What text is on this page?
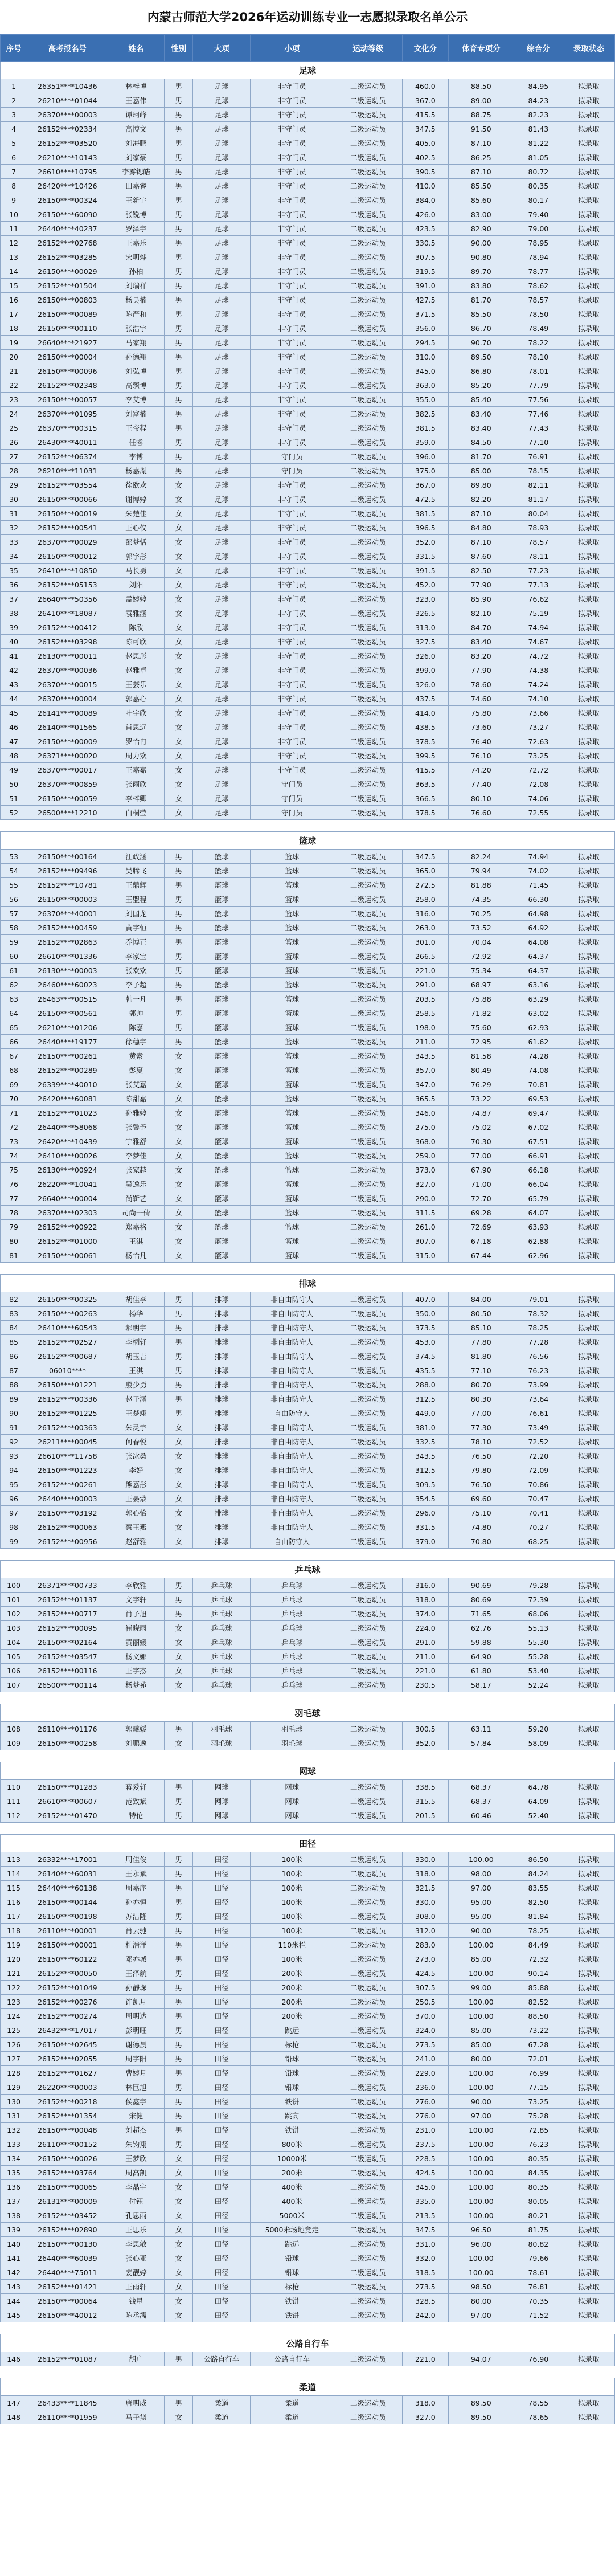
内蒙古师范大学2026年运动训练专业一志愿拟录取名单公示
序号	高考报名号	姓名	性别	大项	小项	运动等级	文化分	体育专项分	综合分	录取状态
足球										
1	26351****10436	林梓博	男	足球	非守门员	二级运动员	460.0	88.50	84.95	拟录取
2	26210****01044	王嘉伟	男	足球	非守门员	二级运动员	367.0	89.00	84.23	拟录取
3	26370****00003	谭珂峰	男	足球	非守门员	二级运动员	415.5	88.75	82.23	拟录取
4	26152****02334	高博文	男	足球	非守门员	二级运动员	347.5	91.50	81.43	拟录取
5	26152****03520	刘海鹏	男	足球	非守门员	二级运动员	405.0	87.10	81.22	拟录取
6	26210****10143	刘家豪	男	足球	非守门员	二级运动员	402.5	86.25	81.05	拟录取
7	26610****10795	李雾锶皓	男	足球	非守门员	二级运动员	390.5	87.10	80.72	拟录取
8	26420****10426	田嘉睿	男	足球	非守门员	二级运动员	410.0	85.50	80.35	拟录取
9	26150****00324	王新宇	男	足球	非守门员	二级运动员	384.0	85.60	80.17	拟录取
10	26150****60090	张锐博	男	足球	非守门员	二级运动员	426.0	83.00	79.40	拟录取
11	26440****40237	罗泽宇	男	足球	非守门员	二级运动员	423.5	82.90	79.00	拟录取
12	26152****02768	王嘉乐	男	足球	非守门员	二级运动员	330.5	90.00	78.95	拟录取
13	26152****03285	宋明烨	男	足球	非守门员	二级运动员	307.5	90.80	78.94	拟录取
14	26150****00029	孙柏	男	足球	非守门员	二级运动员	319.5	89.70	78.77	拟录取
15	26152****01504	刘瑞祥	男	足球	非守门员	二级运动员	391.0	83.80	78.62	拟录取
16	26150****00803	杨昊楠	男	足球	非守门员	二级运动员	427.5	81.70	78.57	拟录取
17	26150****00089	陈严和	男	足球	非守门员	二级运动员	371.5	85.50	78.50	拟录取
18	26150****00110	张浩宇	男	足球	非守门员	二级运动员	356.0	86.70	78.49	拟录取
19	26640****21927	马家翔	男	足球	非守门员	二级运动员	294.5	90.70	78.22	拟录取
20	26150****00004	孙德翔	男	足球	非守门员	二级运动员	310.0	89.50	78.10	拟录取
21	26150****00096	刘弘博	男	足球	非守门员	二级运动员	345.0	86.80	78.01	拟录取
22	26152****02348	高臻博	男	足球	非守门员	二级运动员	363.0	85.20	77.79	拟录取
23	26150****00057	李艾博	男	足球	非守门员	二级运动员	355.0	85.40	77.56	拟录取
24	26370****01095	刘富楠	男	足球	非守门员	二级运动员	382.5	83.40	77.46	拟录取
25	26370****00315	王帝程	男	足球	非守门员	二级运动员	381.5	83.40	77.43	拟录取
26	26430****40011	任睿	男	足球	非守门员	二级运动员	359.0	84.50	77.10	拟录取
27	26152****06374	李博	男	足球	守门员	二级运动员	396.0	81.70	76.91	拟录取
28	26210****11031	杨嘉胤	男	足球	守门员	二级运动员	375.0	85.00	78.15	拟录取
29	26152****03554	徐欧欢	女	足球	非守门员	二级运动员	367.0	89.80	82.11	拟录取
30	26150****00066	谢博婷	女	足球	非守门员	二级运动员	472.5	82.20	81.17	拟录取
31	26150****00019	朱楚佳	女	足球	非守门员	二级运动员	381.5	87.10	80.04	拟录取
32	26152****00541	王心仪	女	足球	非守门员	二级运动员	396.5	84.80	78.93	拟录取
33	26370****00029	邵梦恬	女	足球	非守门员	二级运动员	352.0	87.10	78.57	拟录取
34	26150****00012	郭宇彤	女	足球	非守门员	二级运动员	331.5	87.60	78.11	拟录取
35	26410****10850	马长勇	女	足球	非守门员	二级运动员	391.5	82.50	77.23	拟录取
36	26152****05153	刘阳	女	足球	非守门员	二级运动员	452.0	77.90	77.13	拟录取
37	26640****50356	孟婷婷	女	足球	非守门员	二级运动员	323.0	85.90	76.62	拟录取
38	26410****18087	袁雅涵	女	足球	非守门员	二级运动员	326.5	82.10	75.19	拟录取
39	26152****00412	陈欣	女	足球	非守门员	二级运动员	313.0	84.70	74.94	拟录取
40	26152****03298	陈可欣	女	足球	非守门员	二级运动员	327.5	83.40	74.67	拟录取
41	26130****00011	赵思彤	女	足球	非守门员	二级运动员	326.0	83.20	74.72	拟录取
42	26370****00036	赵雅卓	女	足球	非守门员	二级运动员	399.0	77.90	74.38	拟录取
43	26370****00015	王芸乐	女	足球	非守门员	二级运动员	326.0	78.60	74.24	拟录取
44	26370****00004	郭嘉心	女	足球	非守门员	二级运动员	437.5	74.60	74.10	拟录取
45	26141****00089	叶宇欣	女	足球	非守门员	二级运动员	414.0	75.80	73.66	拟录取
46	26140****01565	肖思远	女	足球	非守门员	二级运动员	438.5	73.60	73.27	拟录取
47	26150****00009	罗怡冉	女	足球	非守门员	二级运动员	378.5	76.40	72.63	拟录取
48	26371****00020	周力欢	女	足球	非守门员	二级运动员	399.5	76.10	73.25	拟录取
49	26370****00017	王嘉嘉	女	足球	非守门员	二级运动员	415.5	74.20	72.72	拟录取
50	26370****00859	张雨欣	女	足球	守门员	二级运动员	363.5	77.40	72.08	拟录取
51	26150****00059	李梓卿	女	足球	守门员	二级运动员	366.5	80.10	74.06	拟录取
52	26500****12210	白桐莹	女	足球	守门员	二级运动员	378.5	76.60	72.55	拟录取

篮球										
53	26150****00164	江政涵	男	篮球	篮球	二级运动员	347.5	82.24	74.94	拟录取
54	26152****09496	吴腾飞	男	篮球	篮球	二级运动员	365.0	79.94	74.02	拟录取
55	26152****10781	王鼎辉	男	篮球	篮球	二级运动员	272.5	81.88	71.45	拟录取
56	26150****00003	王盟程	男	篮球	篮球	二级运动员	258.0	74.35	66.30	拟录取
57	26370****40001	刘国龙	男	篮球	篮球	二级运动员	316.0	70.25	64.98	拟录取
58	26152****00459	黄宇恒	男	篮球	篮球	二级运动员	263.0	73.52	64.92	拟录取
59	26152****02863	乔博正	男	篮球	篮球	二级运动员	301.0	70.04	64.08	拟录取
60	26610****01336	李家宝	男	篮球	篮球	二级运动员	266.5	72.92	64.37	拟录取
61	26130****00003	张欢欢	男	篮球	篮球	二级运动员	221.0	75.34	64.37	拟录取
62	26460****60023	李子超	男	篮球	篮球	二级运动员	291.0	68.97	63.16	拟录取
63	26463****00515	韩一凡	男	篮球	篮球	二级运动员	203.5	75.88	63.29	拟录取
64	26150****00561	郭帅	男	篮球	篮球	二级运动员	258.5	71.82	63.02	拟录取
65	26210****01206	陈嘉	男	篮球	篮球	二级运动员	198.0	75.60	62.93	拟录取
66	26440****19177	徐穗宇	男	篮球	篮球	二级运动员	211.0	72.95	61.62	拟录取
67	26150****00261	黄索	女	篮球	篮球	二级运动员	343.5	81.58	74.28	拟录取
68	26152****00289	彭夏	女	篮球	篮球	二级运动员	357.0	80.49	74.08	拟录取
69	26339****40010	张艾嘉	女	篮球	篮球	二级运动员	347.0	76.29	70.81	拟录取
70	26420****60081	陈甜嘉	女	篮球	篮球	二级运动员	365.5	73.22	69.53	拟录取
71	26152****01023	孙雅婷	女	篮球	篮球	二级运动员	346.0	74.87	69.47	拟录取
72	26440****58068	张馨予	女	篮球	篮球	二级运动员	275.0	75.02	67.02	拟录取
73	26420****10439	宁雅舒	女	篮球	篮球	二级运动员	368.0	70.30	67.51	拟录取
74	26410****00026	李梦佳	女	篮球	篮球	二级运动员	259.0	77.00	66.91	拟录取
75	26130****00924	张家越	女	篮球	篮球	二级运动员	373.0	67.90	66.18	拟录取
76	26220****10041	吴逸乐	女	篮球	篮球	二级运动员	327.0	71.00	66.04	拟录取
77	26640****00004	尚靳艺	女	篮球	篮球	二级运动员	290.0	72.70	65.79	拟录取
78	26370****02303	司尚一倩	女	篮球	篮球	二级运动员	311.5	69.28	64.07	拟录取
79	26152****00922	郑嘉格	女	篮球	篮球	二级运动员	261.0	72.69	63.93	拟录取
80	26152****01000	王淇	女	篮球	篮球	二级运动员	307.0	67.18	62.88	拟录取
81	26150****00061	杨怡凡	女	篮球	篮球	二级运动员	315.0	67.44	62.96	拟录取

排球										
82	26150****00325	胡佳李	男	排球	非自由防守人	二级运动员	407.0	84.00	79.01	拟录取
83	26150****00263	杨华	男	排球	非自由防守人	二级运动员	350.0	80.50	78.32	拟录取
84	26410****60543	郝明宇	男	排球	非自由防守人	二级运动员	373.5	85.10	78.25	拟录取
85	26152****02527	李柄轩	男	排球	非自由防守人	二级运动员	453.0	77.80	77.28	拟录取
86	26152****00687	胡玉吉	男	排球	非自由防守人	二级运动员	374.5	81.80	76.56	拟录取
87	06010****	王淇	男	排球	非自由防守人	二级运动员	435.5	77.10	76.23	拟录取
88	26150****01221	殷少勇	男	排球	非自由防守人	二级运动员	288.0	80.70	73.99	拟录取
89	26152****00336	赵子涵	男	排球	非自由防守人	二级运动员	312.5	80.30	73.64	拟录取
90	26152****01225	王楚翊	男	排球	自由防守人	二级运动员	449.0	77.00	76.61	拟录取
91	26152****00363	朱灵宇	女	排球	非自由防守人	二级运动员	381.0	77.30	73.49	拟录取
92	26211****00045	何春悦	女	排球	非自由防守人	二级运动员	332.5	78.10	72.52	拟录取
93	26610****11758	张冰桑	女	排球	非自由防守人	二级运动员	343.5	76.50	72.20	拟录取
94	26150****01223	李好	女	排球	非自由防守人	二级运动员	312.5	79.80	72.09	拟录取
95	26152****00261	熊嘉彤	女	排球	非自由防守人	二级运动员	309.5	76.50	70.86	拟录取
96	26440****00003	王晏蒙	女	排球	非自由防守人	二级运动员	354.5	69.60	70.47	拟录取
97	26150****03192	郭心怡	女	排球	非自由防守人	二级运动员	296.0	75.10	70.41	拟录取
98	26152****00063	蔡王燕	女	排球	非自由防守人	二级运动员	331.5	74.80	70.27	拟录取
99	26152****00956	赵舒雅	女	排球	自由防守人	二级运动员	379.0	70.80	68.25	拟录取

乒乓球										
100	26371****00733	李欣雅	男	乒乓球	乒乓球	二级运动员	316.0	90.69	79.28	拟录取
101	26152****01137	文宇轩	男	乒乓球	乒乓球	二级运动员	318.0	80.69	72.39	拟录取
102	26152****00717	肖子旭	男	乒乓球	乒乓球	二级运动员	374.0	71.65	68.06	拟录取
103	26152****00095	崔晓雨	女	乒乓球	乒乓球	二级运动员	224.0	62.76	55.13	拟录取
104	26150****02164	黄丽媛	女	乒乓球	乒乓球	二级运动员	291.0	59.88	55.30	拟录取
105	26152****03547	杨文娜	女	乒乓球	乒乓球	二级运动员	211.0	64.90	55.28	拟录取
106	26152****00116	王宇杰	女	乒乓球	乒乓球	二级运动员	221.0	61.80	53.40	拟录取
107	26500****00114	杨梦苑	女	乒乓球	乒乓球	二级运动员	230.5	58.17	52.24	拟录取

羽毛球										
108	26110****01176	郭曦媛	男	羽毛球	羽毛球	二级运动员	300.5	63.11	59.20	拟录取
109	26150****00258	刘鹏逸	女	羽毛球	羽毛球	二级运动员	352.0	57.84	58.09	拟录取

网球										
110	26150****01283	蒋爱轩	男	网球	网球	二级运动员	338.5	68.37	64.78	拟录取
111	26610****00607	范致斌	男	网球	网球	二级运动员	315.5	68.37	64.09	拟录取
112	26152****01470	特伦	男	网球	网球	二级运动员	201.5	60.46	52.40	拟录取

田径										
113	26332****17001	周佳俊	男	田径	100米	二级运动员	330.0	100.00	86.50	拟录取
114	26140****60031	王永斌	男	田径	100米	二级运动员	318.0	98.00	84.24	拟录取
115	26440****60138	周嘉序	男	田径	100米	二级运动员	321.5	97.00	83.55	拟录取
116	26150****00144	孙亦恒	男	田径	100米	二级运动员	330.0	95.00	82.50	拟录取
117	26150****00198	苏洁隆	男	田径	100米	二级运动员	308.0	95.00	81.84	拟录取
118	26110****00001	肖云驰	男	田径	100米	二级运动员	312.0	90.00	78.25	拟录取
119	26150****00001	杜浩洋	男	田径	110米栏	二级运动员	283.0	100.00	84.49	拟录取
120	26150****60122	邓亦城	男	田径	100米	二级运动员	273.0	85.00	72.32	拟录取
121	26152****00050	王泽航	男	田径	200米	二级运动员	424.5	100.00	90.14	拟录取
122	26152****01049	孙靜琛	男	田径	200米	二级运动员	307.5	99.00	85.88	拟录取
123	26152****00276	许凯月	男	田径	200米	二级运动员	250.5	100.00	82.52	拟录取
124	26152****00274	周明达	男	田径	200米	二级运动员	370.0	100.00	88.50	拟录取
125	26432****17017	彭明旺	男	田径	跳远	二级运动员	324.0	85.00	73.22	拟录取
126	26150****02645	谢德晨	男	田径	标枪	二级运动员	273.5	85.00	67.28	拟录取
127	26152****02055	周宇阳	男	田径	铅球	二级运动员	241.0	80.00	72.01	拟录取
128	26152****01627	曹婷月	男	田径	铅球	二级运动员	229.0	100.00	76.99	拟录取
129	26220****00003	林巨旭	男	田径	铅球	二级运动员	236.0	100.00	77.15	拟录取
130	26152****00218	侯鑫宇	男	田径	铁饼	二级运动员	276.0	90.00	73.25	拟录取
131	26152****01354	宋健	男	田径	跳高	二级运动员	276.0	97.00	75.28	拟录取
132	26150****00048	刘超杰	男	田径	铁饼	二级运动员	231.0	100.00	72.85	拟录取
133	26110****00152	朱钧翔	男	田径	800米	二级运动员	237.5	100.00	76.23	拟录取
134	26150****00026	王梦欣	女	田径	10000米	二级运动员	228.5	100.00	80.35	拟录取
135	26152****03764	周高凯	女	田径	200米	二级运动员	424.5	100.00	84.35	拟录取
136	26150****00065	李晶宇	女	田径	400米	二级运动员	345.0	100.00	80.35	拟录取
137	26131****00009	付钰	女	田径	400米	二级运动员	335.0	100.00	80.05	拟录取
138	26152****03452	孔思雨	女	田径	5000米	二级运动员	213.5	100.00	80.21	拟录取
139	26152****02890	王思乐	女	田径	5000米场地竞走	二级运动员	347.5	96.50	81.75	拟录取
140	26150****00130	李思敏	女	田径	跳远	二级运动员	331.0	96.00	80.82	拟录取
141	26440****60039	张心亚	女	田径	铅球	二级运动员	332.0	100.00	79.66	拟录取
142	26440****75011	姜靓婷	女	田径	铅球	二级运动员	318.5	100.00	78.61	拟录取
143	26152****01421	王雨轩	女	田径	标枪	二级运动员	273.5	98.50	76.81	拟录取
144	26150****00064	钱星	女	田径	铁饼	二级运动员	328.5	80.00	70.35	拟录取
145	26150****40012	陈丞濡	女	田径	铁饼	二级运动员	242.0	97.00	71.52	拟录取

公路自行车										
146	26152****01087	胡广	男	公路自行车	公路自行车	二级运动员	221.0	94.07	76.90	拟录取

柔道										
147	26433****11845	唐明威	男	柔道	柔道	二级运动员	318.0	89.50	78.55	拟录取
148	26110****01959	马子黛	女	柔道	柔道	二级运动员	327.0	89.50	78.65	拟录取
